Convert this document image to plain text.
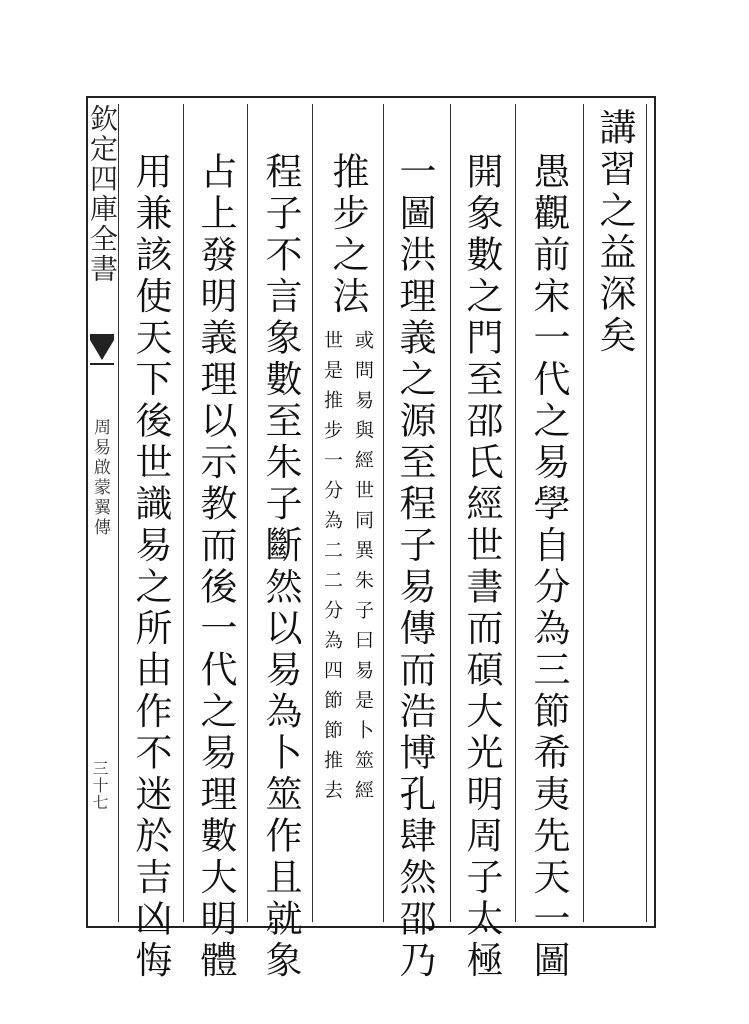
欽定四庫全書
周易啟蒙翼傳
三十七
講習之益深矣
愚觀前宋一代之易學自分為三節希夷先天一圖
開象數之門至邵氏經世書而碩大光明周子太極
一圖洪理義之源至程子易傳而浩博孔肆然邵乃
推步之法
或問易與經世同異朱子曰易是卜筮經
世是推步一分為二二分為四節節推去
程子不言象數至朱子斷然以易為卜筮作且就象
占上發明義理以示教而後一代之易理數大明體
用兼該使天下後世識易之所由作不迷於吉凶悔
